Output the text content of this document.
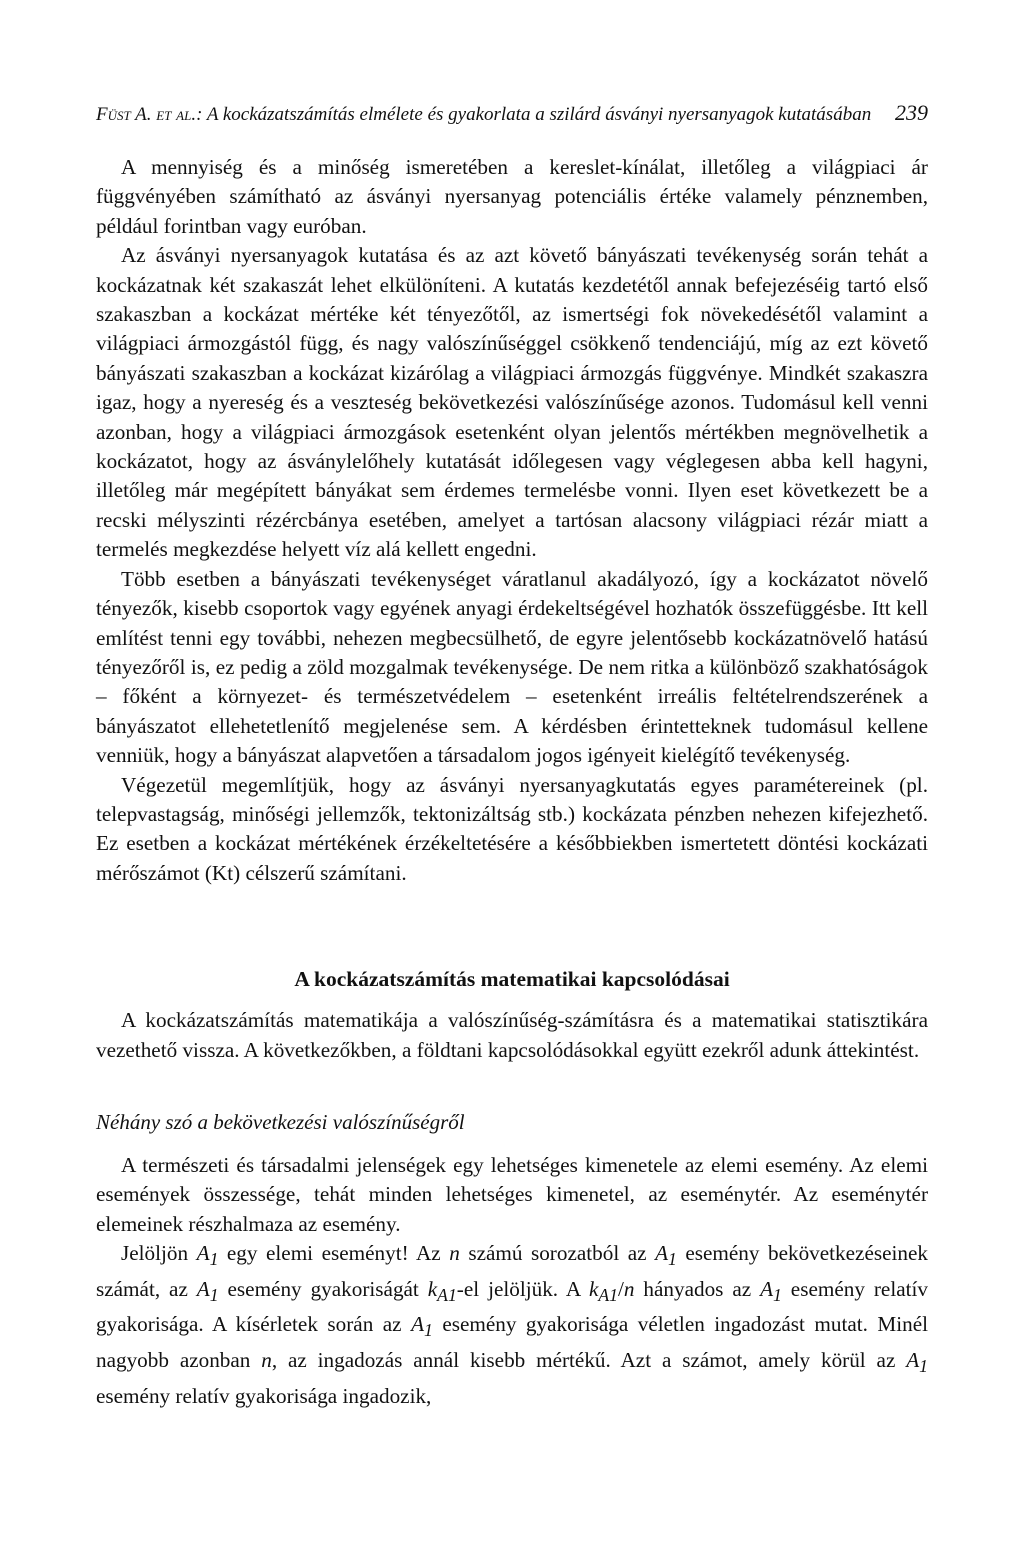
Füst A. et al.: A kockázatszámítás elmélete és gyakorlata a szilárd ásványi nyersanyagok kutatásában 239

A mennyiség és a minőség ismeretében a kereslet-kínálat, illetőleg a világpiaci ár függvényében számítható az ásványi nyersanyag potenciális értéke valamely pénznemben, például forintban vagy euróban.

Az ásványi nyersanyagok kutatása és az azt követő bányászati tevékenység során tehát a kockázatnak két szakaszát lehet elkülöníteni. A kutatás kezdetétől annak befejezéséig tartó első szakaszban a kockázat mértéke két tényezőtől, az ismertségi fok növekedésétől valamint a világpiaci ármozgástól függ, és nagy valószínűséggel csökkenő tendenciájú, míg az ezt követő bányászati szakaszban a kockázat kizárólag a világpiaci ármozgás függvénye. Mindkét szakaszra igaz, hogy a nyereség és a veszteség bekövetkezési valószínűsége azonos. Tudomásul kell venni azonban, hogy a világpiaci ármozgások esetenként olyan jelentős mértékben megnövelhetik a kockázatot, hogy az ásványlelőhely kutatását időlegesen vagy véglegesen abba kell hagyni, illetőleg már megépített bányákat sem érdemes termelésbe vonni. Ilyen eset következett be a recski mélyszinti rézércbánya esetében, amelyet a tartósan alacsony világpiaci rézár miatt a termelés megkezdése helyett víz alá kellett engedni.

Több esetben a bányászati tevékenységet váratlanul akadályozó, így a kockázatot növelő tényezők, kisebb csoportok vagy egyének anyagi érdekeltségével hozhatók összefüggésbe. Itt kell említést tenni egy további, nehezen megbecsülhető, de egyre jelentősebb kockázatnövelő hatású tényezőről is, ez pedig a zöld mozgalmak tevékenysége. De nem ritka a különböző szakhatóságok – főként a környezet- és természetvédelem – esetenként irreális feltételrendszerének a bányászatot ellehetetlenítő megjelenése sem. A kérdésben érintetteknek tudomásul kellene venniük, hogy a bányászat alapvetően a társadalom jogos igényeit kielégítő tevékenység.

Végezetül megemlítjük, hogy az ásványi nyersanyagkutatás egyes paramétereinek (pl. telepvastagság, minőségi jellemzők, tektonizáltság stb.) kockázata pénzben nehezen kifejezhető. Ez esetben a kockázat mértékének érzékeltetésére a későbbiekben ismertetett döntési kockázati mérőszámot (Kt) célszerű számítani.

A kockázatszámítás matematikai kapcsolódásai

A kockázatszámítás matematikája a valószínűség-számításra és a matematikai statisztikára vezethető vissza. A következőkben, a földtani kapcsolódásokkal együtt ezekről adunk áttekintést.

Néhány szó a bekövetkezési valószínűségről

A természeti és társadalmi jelenségek egy lehetséges kimenetele az elemi esemény. Az elemi események összessége, tehát minden lehetséges kimenetel, az eseménytér. Az eseménytér elemeinek részhalmaza az esemény.

Jelöljön $A_1$ egy elemi eseményt! Az n számú sorozatból az $A_1$ esemény bekövetkezéseinek számát, az $A_1$ esemény gyakoriságát $k_{A1}-el$ jelöljük. A $k_{A1}/n$ hányados az $A_1$ esemény relatív gyakorisága. A kísérletek során az $A_1$ esemény gyakorisága véletlen ingadozást mutat. Minél nagyobb azonban n, az ingadozás annál kisebb mértékű. Azt a számot, amely körül az $A_1$ esemény relatív gyakorisága ingadozik,
